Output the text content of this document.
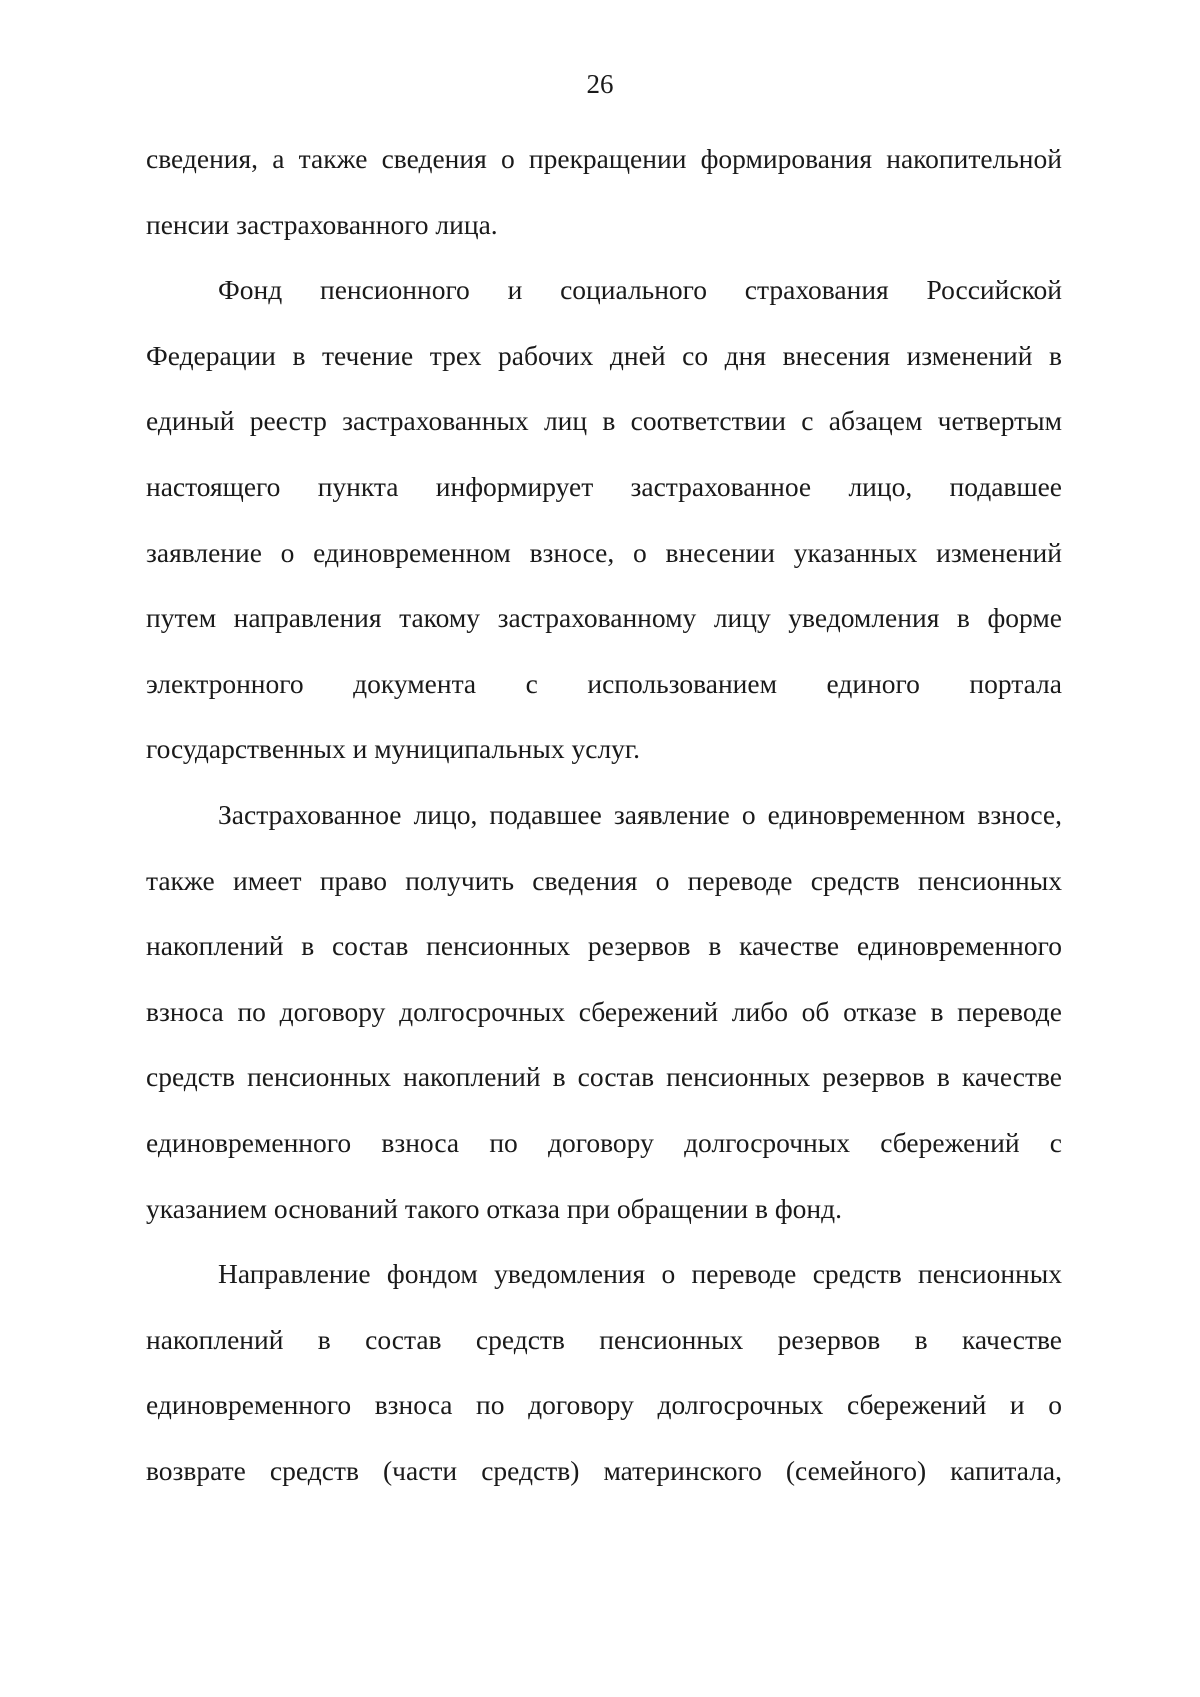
26
сведения, а также сведения о прекращении формирования накопительной
пенсии застрахованного лица.
Фонд пенсионного и социального страхования Российской
Федерации в течение трех рабочих дней со дня внесения изменений в
единый реестр застрахованных лиц в соответствии с абзацем четвертым
настоящего пункта информирует застрахованное лицо, подавшее
заявление о единовременном взносе, о внесении указанных изменений
путем направления такому застрахованному лицу уведомления в форме
электронного документа с использованием единого портала
государственных и муниципальных услуг.
Застрахованное лицо, подавшее заявление о единовременном взносе,
также имеет право получить сведения о переводе средств пенсионных
накоплений в состав пенсионных резервов в качестве единовременного
взноса по договору долгосрочных сбережений либо об отказе в переводе
средств пенсионных накоплений в состав пенсионных резервов в качестве
единовременного взноса по договору долгосрочных сбережений с
указанием оснований такого отказа при обращении в фонд.
Направление фондом уведомления о переводе средств пенсионных
накоплений в состав средств пенсионных резервов в качестве
единовременного взноса по договору долгосрочных сбережений и о
возврате средств (части средств) материнского (семейного) капитала,
